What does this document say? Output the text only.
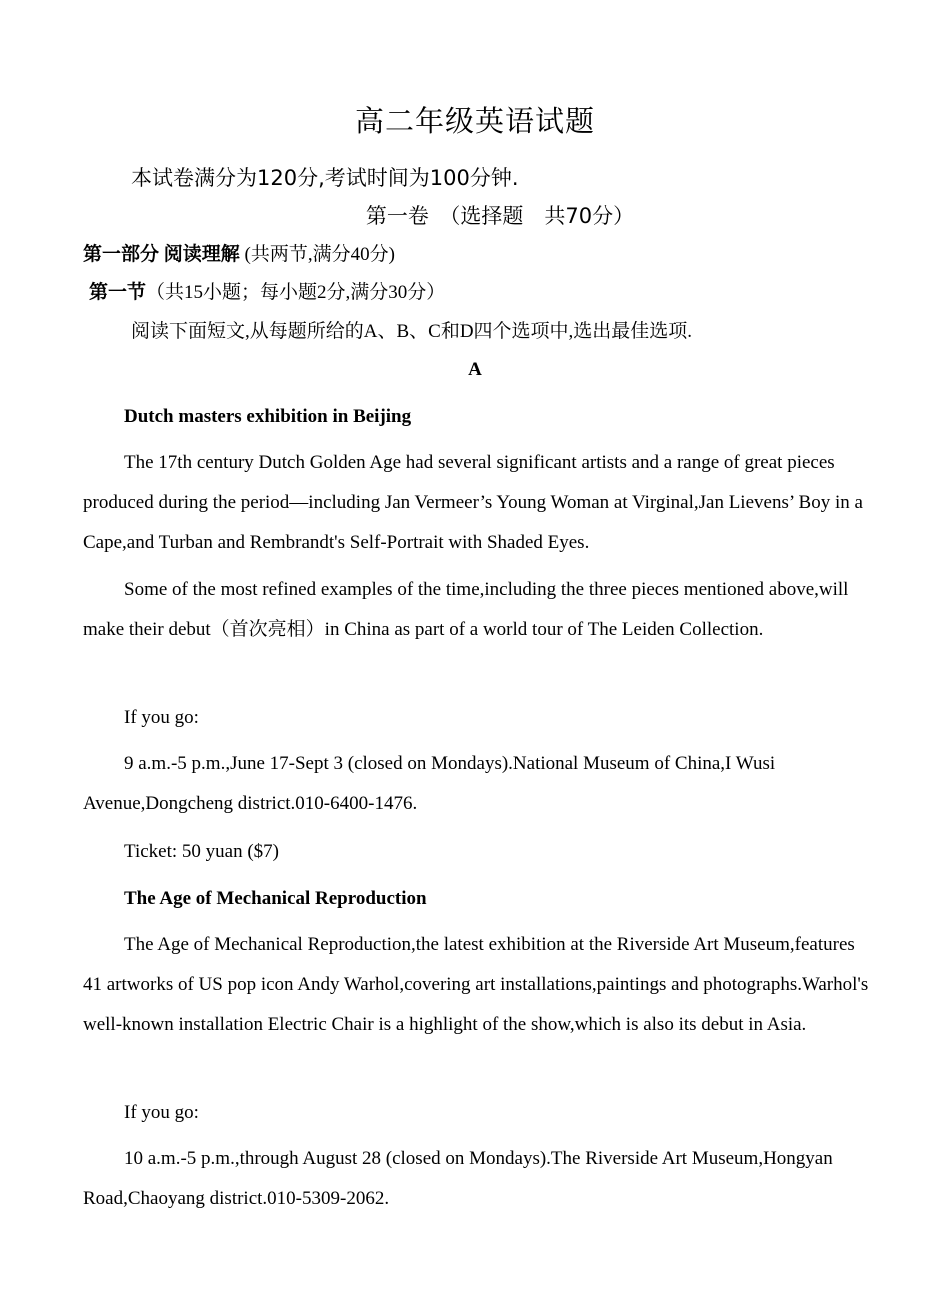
高二年级英语试题
本试卷满分为120分,考试时间为100分钟.
第一卷　（选择题　共70分）
第一部分 阅读理解 (共两节,满分40分)
第一节（共15小题；每小题2分,满分30分）
阅读下面短文,从每题所给的A、B、C和D四个选项中,选出最佳选项.
A
Dutch masters exhibition in Beijing

The 17th century Dutch Golden Age had several significant artists and a range of great pieces produced during the period—including Jan Vermeer’s Young Woman at Virginal,Jan Lievens’ Boy in a Cape,and Turban and Rembrandt's Self-Portrait with Shaded Eyes.

Some of the most refined examples of the time,including the three pieces mentioned above,will make their debut（首次亮相）in China as part of a world tour of The Leiden Collection.

If you go:

9 a.m.-5 p.m.,June 17-Sept 3 (closed on Mondays).National Museum of China,I Wusi Avenue,Dongcheng district.010-6400-1476.

Ticket: 50 yuan ($7)

The Age of Mechanical Reproduction

The Age of Mechanical Reproduction,the latest exhibition at the Riverside Art Museum,features 41 artworks of US pop icon Andy Warhol,covering art installations,paintings and photographs.Warhol's well-known installation Electric Chair is a highlight of the show,which is also its debut in Asia.

If you go:

10 a.m.-5 p.m.,through August 28 (closed on Mondays).The Riverside Art Museum,Hongyan Road,Chaoyang district.010-5309-2062.
